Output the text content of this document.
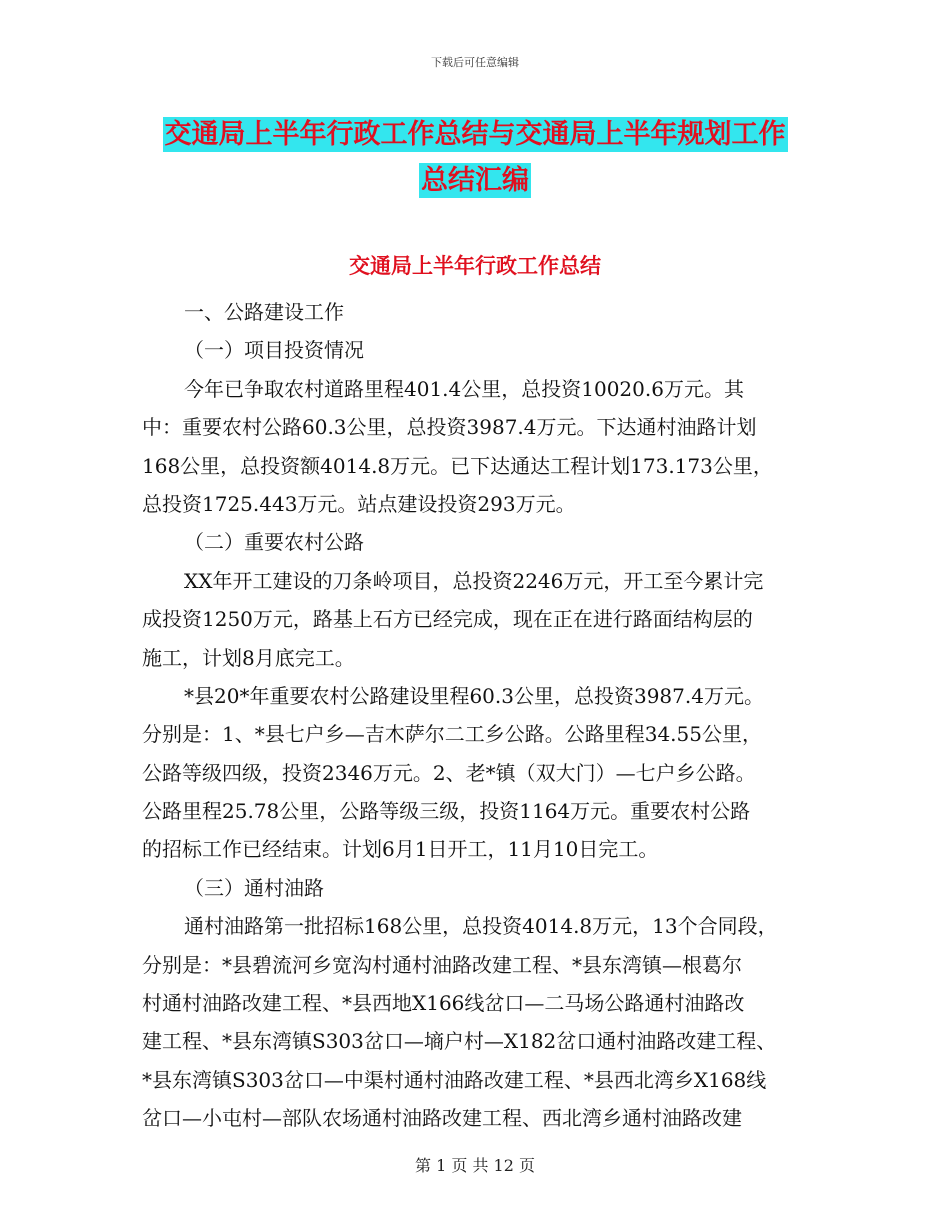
下载后可任意编辑
交通局上半年行政工作总结与交通局上半年规划工作
总结汇编
交通局上半年行政工作总结
一、公路建设工作
（一）项目投资情况
今年已争取农村道路里程401.4公里，总投资10020.6万元。其
中：重要农村公路60.3公里，总投资3987.4万元。下达通村油路计划
168公里，总投资额4014.8万元。已下达通达工程计划173.173公里，
总投资1725.443万元。站点建设投资293万元。
（二）重要农村公路
XX年开工建设的刀条岭项目，总投资2246万元，开工至今累计完
成投资1250万元，路基上石方已经完成，现在正在进行路面结构层的
施工，计划8月底完工。
*县20*年重要农村公路建设里程60.3公里，总投资3987.4万元。
分别是：1、*县七户乡—吉木萨尔二工乡公路。公路里程34.55公里，
公路等级四级，投资2346万元。2、老*镇（双大门）—七户乡公路。
公路里程25.78公里，公路等级三级，投资1164万元。重要农村公路
的招标工作已经结束。计划6月1日开工，11月10日完工。
（三）通村油路
通村油路第一批招标168公里，总投资4014.8万元，13个合同段，
分别是：*县碧流河乡宽沟村通村油路改建工程、*县东湾镇—根葛尔
村通村油路改建工程、*县西地X166线岔口—二马场公路通村油路改
建工程、*县东湾镇S303岔口—墒户村—X182岔口通村油路改建工程、
*县东湾镇S303岔口—中渠村通村油路改建工程、*县西北湾乡X168线
岔口—小屯村—部队农场通村油路改建工程、西北湾乡通村油路改建
第 1 页 共 12 页
